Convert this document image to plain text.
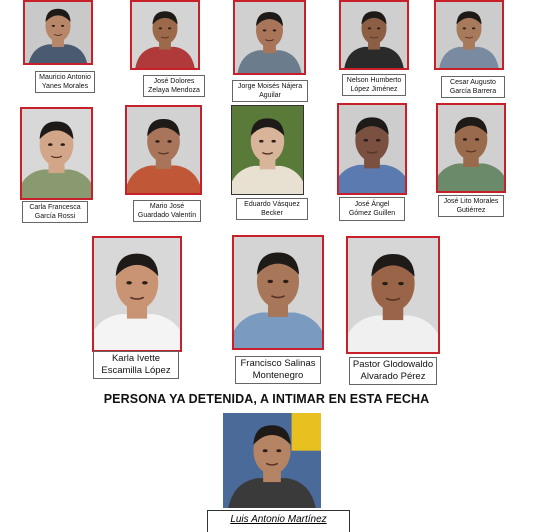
Mauricio Antonio
Yanes Morales
José Dolores
Zelaya Mendoza
Jorge Moisés Nájera
Aguilar
Nelson Humberto
López Jiménez
Cesar Augusto
García Barrera
Carla Francesca
García Rossi
Mario José
Guardado Valentín
Eduardo Vásquez
Becker
José Ángel
Gómez Guillen
José Lito Morales
Gutiérrez
Karla Ivette
Escamilla López
Francisco Salinas
Montenegro
Pastor Glodowaldo
Alvarado Pérez
PERSONA YA DETENIDA, A INTIMAR EN ESTA FECHA
Luis Antonio Martínez
